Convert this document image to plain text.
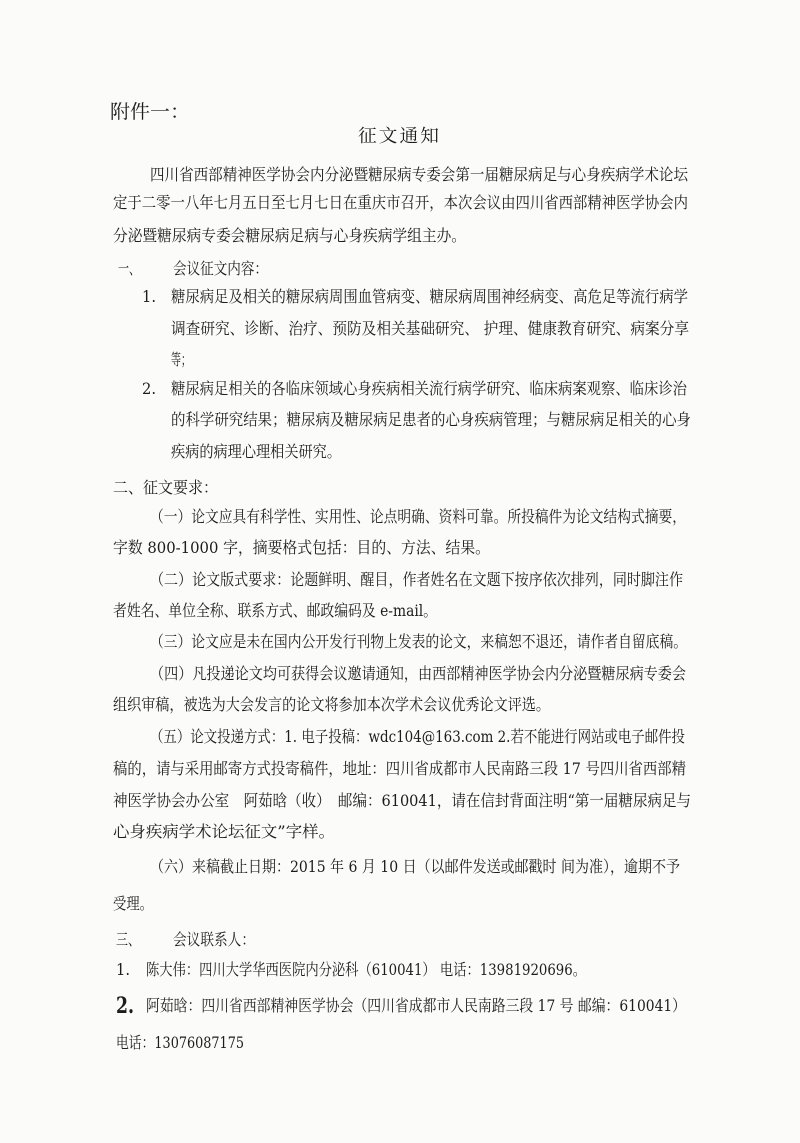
附件一：
征文通知
四川省西部精神医学协会内分泌暨糖尿病专委会第一届糖尿病足与心身疾病学术论坛
定于二零一八年七月五日至七月七日在重庆市召开，本次会议由四川省西部精神医学协会内
分泌暨糖尿病专委会糖尿病足病与心身疾病学组主办。
一、 会议征文内容：
1. 糖尿病足及相关的糖尿病周围血管病变、糖尿病周围神经病变、高危足等流行病学
调查研究、诊断、治疗、预防及相关基础研究、 护理、健康教育研究、病案分享
等；
2. 糖尿病足相关的各临床领域心身疾病相关流行病学研究、临床病案观察、临床诊治
的科学研究结果；糖尿病及糖尿病足患者的心身疾病管理；与糖尿病足相关的心身
疾病的病理心理相关研究。
二、征文要求：
（一）论文应具有科学性、实用性、论点明确、资料可靠。所投稿件为论文结构式摘要，
字数 800-1000 字，摘要格式包括：目的、方法、结果。
（二）论文版式要求：论题鲜明、醒目，作者姓名在文题下按序依次排列，同时脚注作
者姓名、单位全称、联系方式、邮政编码及 e-mail。
（三）论文应是未在国内公开发行刊物上发表的论文，来稿恕不退还，请作者自留底稿。
（四）凡投递论文均可获得会议邀请通知，由西部精神医学协会内分泌暨糖尿病专委会
组织审稿，被选为大会发言的论文将参加本次学术会议优秀论文评选。
（五）论文投递方式：1. 电子投稿：wdc104@163.com 2.若不能进行网站或电子邮件投
稿的，请与采用邮寄方式投寄稿件，地址：四川省成都市人民南路三段 17 号四川省西部精
神医学协会办公室　阿茹晗（收）　邮编：610041，请在信封背面注明“第一届糖尿病足与
心身疾病学术论坛征文”字样。
（六）来稿截止日期：2015 年 6 月 10 日（以邮件发送或邮戳时 间为准），逾期不予
受理。
三、 会议联系人：
1. 陈大伟：四川大学华西医院内分泌科（610041） 电话：13981920696。
2. 阿茹晗：四川省西部精神医学协会（四川省成都市人民南路三段 17 号 邮编：610041）
电话：13076087175
